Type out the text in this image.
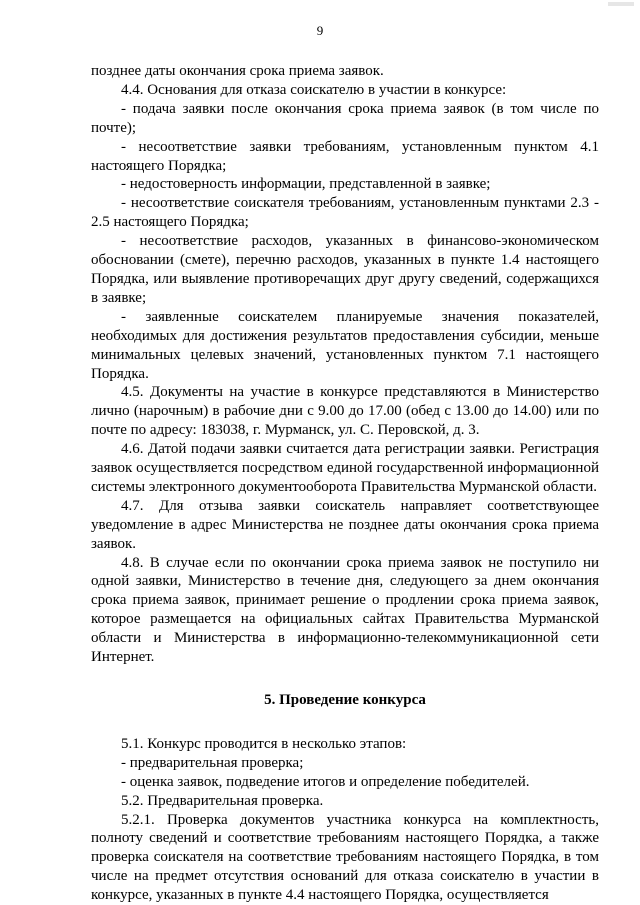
9

позднее даты окончания срока приема заявок.

4.4. Основания для отказа соискателю в участии в конкурсе:

- подача заявки после окончания срока приема заявок (в том числе по почте);

- несоответствие заявки требованиям, установленным пунктом 4.1 настоящего Порядка;

- недостоверность информации, представленной в заявке;

- несоответствие соискателя требованиям, установленным пунктами 2.3 - 2.5 настоящего Порядка;

- несоответствие расходов, указанных в финансово-экономическом обосновании (смете), перечню расходов, указанных в пункте 1.4 настоящего Порядка, или выявление противоречащих друг другу сведений, содержащихся в заявке;

- заявленные соискателем планируемые значения показателей, необходимых для достижения результатов предоставления субсидии, меньше минимальных целевых значений, установленных пунктом 7.1 настоящего Порядка.

4.5. Документы на участие в конкурсе представляются в Министерство лично (нарочным) в рабочие дни с 9.00 до 17.00 (обед с 13.00 до 14.00) или по почте по адресу: 183038, г. Мурманск, ул. С. Перовской, д. 3.

4.6. Датой подачи заявки считается дата регистрации заявки. Регистрация заявок осуществляется посредством единой государственной информационной системы электронного документооборота Правительства Мурманской области.

4.7. Для отзыва заявки соискатель направляет соответствующее уведомление в адрес Министерства не позднее даты окончания срока приема заявок.

4.8. В случае если по окончании срока приема заявок не поступило ни одной заявки, Министерство в течение дня, следующего за днем окончания срока приема заявок, принимает решение о продлении срока приема заявок, которое размещается на официальных сайтах Правительства Мурманской области и Министерства в информационно-телекоммуникационной сети Интернет.

5. Проведение конкурса

5.1. Конкурс проводится в несколько этапов:

- предварительная проверка;

- оценка заявок, подведение итогов и определение победителей.

5.2. Предварительная проверка.

5.2.1. Проверка документов участника конкурса на комплектность, полноту сведений и соответствие требованиям настоящего Порядка, а также проверка соискателя на соответствие требованиям настоящего Порядка, в том числе на предмет отсутствия оснований для отказа соискателю в участии в конкурсе, указанных в пункте 4.4 настоящего Порядка, осуществляется
